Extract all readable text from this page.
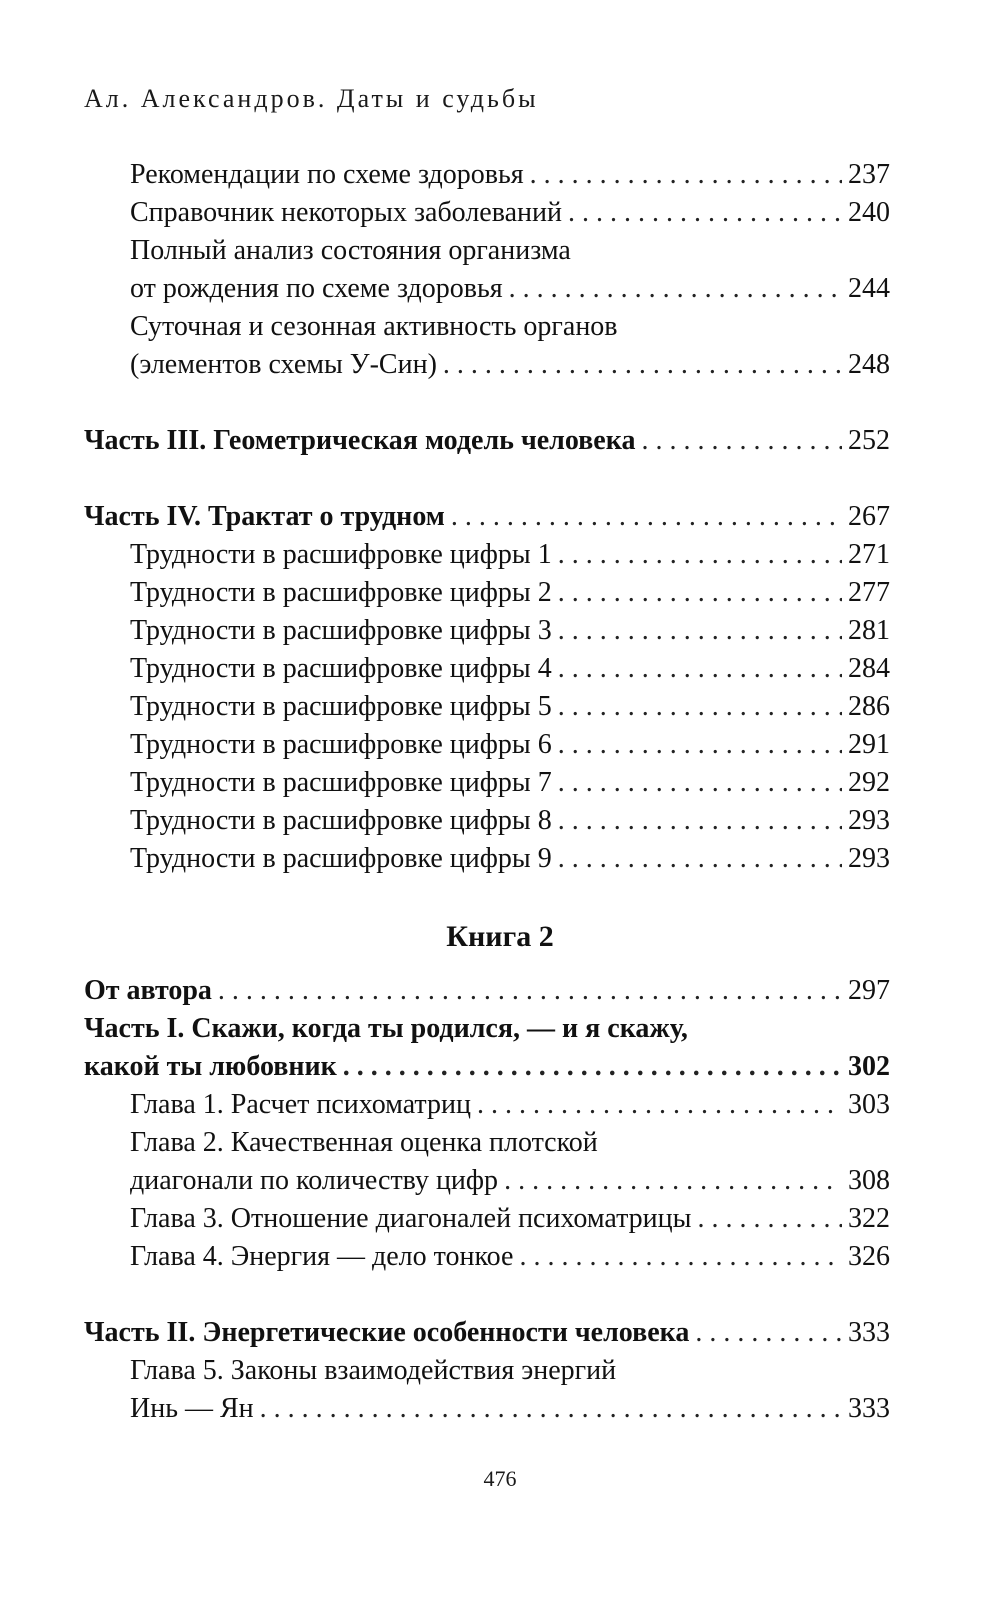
Ал. Александров. Даты и судьбы
Рекомендации по схеме здоровья . . .	237
Справочник некоторых заболеваний . . .	240
Полный анализ состояния организма
от рождения по схеме здоровья . . .	244
Суточная и сезонная активность органов
(элементов схемы У-Син) . . .	248
Часть III. Геометрическая модель человека . . .	252
Часть IV. Трактат о трудном . . .	267
Трудности в расшифровке цифры 1 . . .	271
Трудности в расшифровке цифры 2 . . .	277
Трудности в расшифровке цифры 3 . . .	281
Трудности в расшифровке цифры 4 . . .	284
Трудности в расшифровке цифры 5 . . .	286
Трудности в расшифровке цифры 6 . . .	291
Трудности в расшифровке цифры 7 . . .	292
Трудности в расшифровке цифры 8 . . .	293
Трудности в расшифровке цифры 9 . . .	293
От автора . . .	297
Часть I. Скажи, когда ты родился, — и я скажу,
какой ты любовник . . .	302
Глава 1. Расчет психоматриц . . .	303
Глава 2. Качественная оценка плотской
диагонали по количеству цифр . . .	308
Глава 3. Отношение диагоналей психоматрицы . . .	322
Глава 4. Энергия — дело тонкое . . .	326
Часть II. Энергетические особенности человека . . .	333
Глава 5. Законы взаимодействия энергий
Инь — Ян . . .	333
Книга 2
476
